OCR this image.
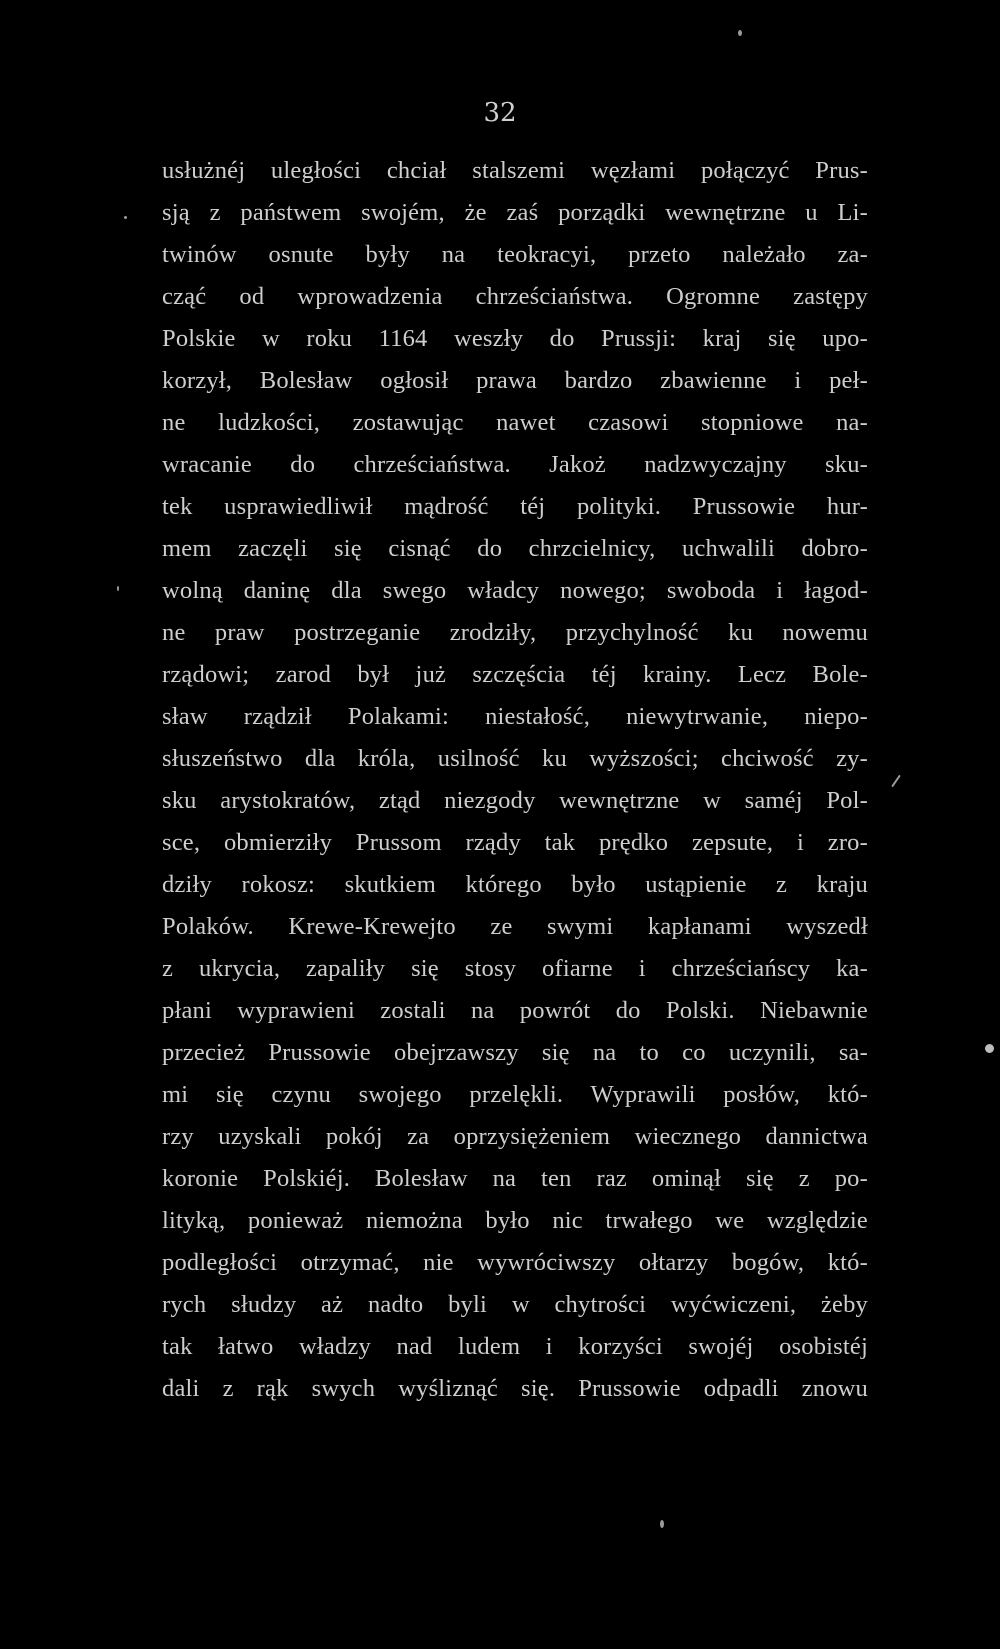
32
usłużnéj uległości chciał stalszemi węzłami połączyć Prus-
sją z państwem swojém, że zaś porządki wewnętrzne u Li-
twinów osnute były na teokracyi, przeto należało za-
cząć od wprowadzenia chrześciaństwa. Ogromne zastępy
Polskie w roku 1164 weszły do Prussji: kraj się upo-
korzył, Bolesław ogłosił prawa bardzo zbawienne i peł-
ne ludzkości, zostawując nawet czasowi stopniowe na-
wracanie do chrześciaństwa. Jakoż nadzwyczajny sku-
tek usprawiedliwił mądrość téj polityki. Prussowie hur-
mem zaczęli się cisnąć do chrzcielnicy, uchwalili dobro-
wolną daninę dla swego władcy nowego; swoboda i łagod-
ne praw postrzeganie zrodziły, przychylność ku nowemu
rządowi; zarod był już szczęścia téj krainy. Lecz Bole-
sław rządził Polakami: niestałość, niewytrwanie, niepo-
słuszeństwo dla króla, usilność ku wyższości; chciwość zy-
sku arystokratów, ztąd niezgody wewnętrzne w saméj Pol-
sce, obmierziły Prussom rządy tak prędko zepsute, i zro-
dziły rokosz: skutkiem którego było ustąpienie z kraju
Polaków. Krewe-Krewejto ze swymi kapłanami wyszedł
z ukrycia, zapaliły się stosy ofiarne i chrześciańscy ka-
płani wyprawieni zostali na powrót do Polski. Niebawnie
przecież Prussowie obejrzawszy się na to co uczynili, sa-
mi się czynu swojego przelękli. Wyprawili posłów, któ-
rzy uzyskali pokój za oprzysiężeniem wiecznego dannictwa
koronie Polskiéj. Bolesław na ten raz ominął się z po-
lityką, ponieważ niemożna było nic trwałego we względzie
podległości otrzymać, nie wywróciwszy ołtarzy bogów, któ-
rych słudzy aż nadto byli w chytrości wyćwiczeni, żeby
tak łatwo władzy nad ludem i korzyści swojéj osobistéj
dali z rąk swych wyśliznąć się. Prussowie odpadli znowu
